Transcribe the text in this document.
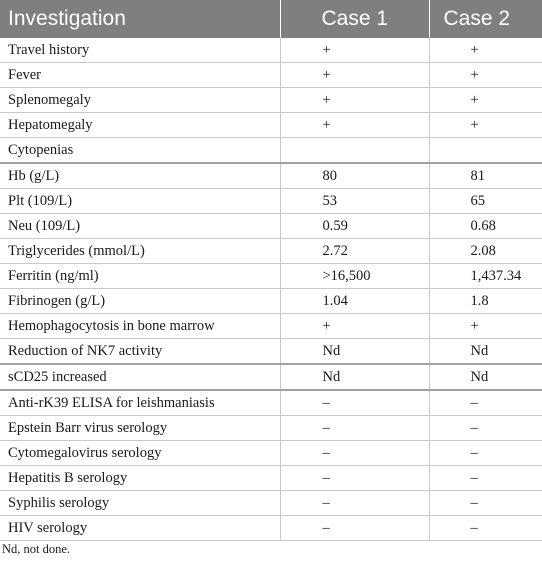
Investigation	Case 1	Case 2
Travel history	+	+
Fever	+	+
Splenomegaly	+	+
Hepatomegaly	+	+
Cytopenias		
Hb (g/L)	80	81
Plt (109/L)	53	65
Neu (109/L)	0.59	0.68
Triglycerides (mmol/L)	2.72	2.08
Ferritin (ng/ml)	>16,500	1,437.34
Fibrinogen (g/L)	1.04	1.8
Hemophagocytosis in bone marrow	+	+
Reduction of NK7 activity	Nd	Nd
sCD25 increased	Nd	Nd
Anti-rK39 ELISA for leishmaniasis	–	–
Epstein Barr virus serology	–	–
Cytomegalovirus serology	–	–
Hepatitis B serology	–	–
Syphilis serology	–	–
HIV serology	–	–
Nd, not done.
